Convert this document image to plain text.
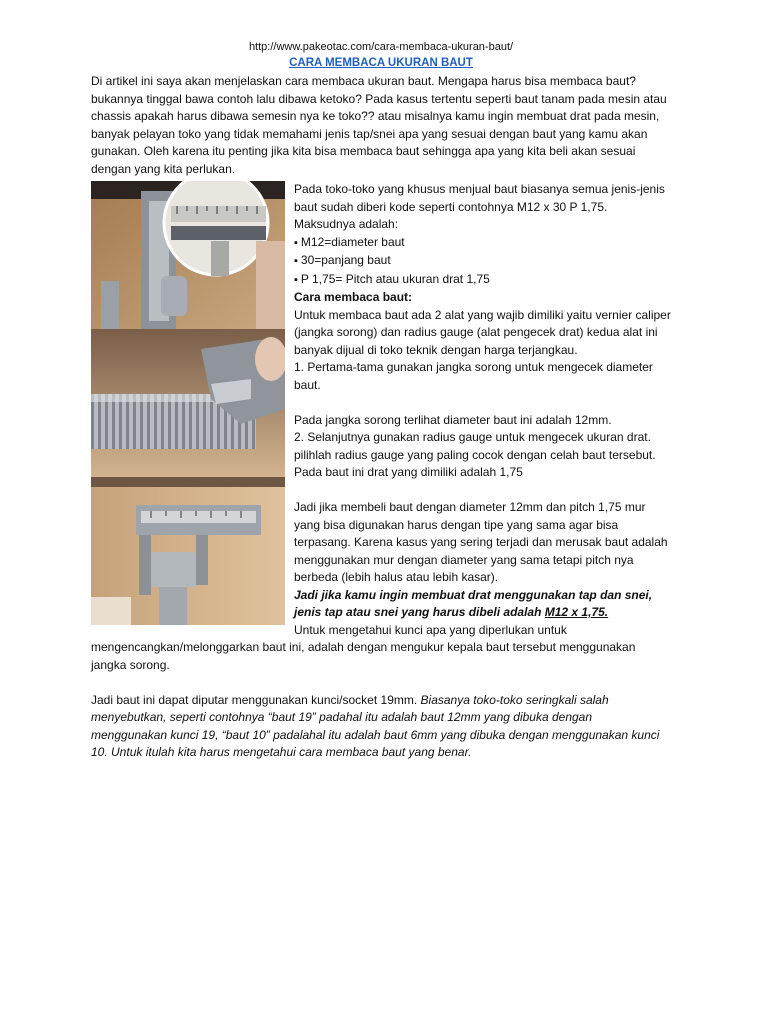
http://www.pakeotac.com/cara-membaca-ukuran-baut/
CARA MEMBACA UKURAN BAUT
Di artikel ini saya akan menjelaskan cara membaca ukuran baut. Mengapa harus bisa membaca baut? bukannya tinggal bawa contoh lalu dibawa ketoko? Pada kasus tertentu seperti baut tanam pada mesin atau chassis apakah harus dibawa semesin nya ke toko?? atau misalnya kamu ingin membuat drat pada mesin, banyak pelayan toko yang tidak memahami jenis tap/snei apa yang sesuai dengan baut yang kamu akan gunakan. Oleh karena itu penting jika kita bisa membaca baut sehingga apa yang kita beli akan sesuai dengan yang kita perlukan.

Pada toko-toko yang khusus menjual baut biasanya semua jenis-jenis baut sudah diberi kode seperti contohnya M12 x 30 P 1,75.

Maksudnya adalah:

▪ M12=diameter baut

▪ 30=panjang baut

▪ P 1,75= Pitch atau ukuran drat 1,75

Cara membaca baut:

Untuk membaca baut ada 2 alat yang wajib dimiliki yaitu vernier caliper (jangka sorong) dan radius gauge (alat pengecek drat) kedua alat ini banyak dijual di toko teknik dengan harga terjangkau.

1. Pertama-tama gunakan jangka sorong untuk mengecek diameter baut.

Pada jangka sorong terlihat diameter baut ini adalah 12mm.

2. Selanjutnya gunakan radius gauge untuk mengecek ukuran drat. pilihlah radius gauge yang paling cocok dengan celah baut tersebut. Pada baut ini drat yang dimiliki adalah 1,75

Jadi jika membeli baut dengan diameter 12mm dan pitch 1,75 mur yang bisa digunakan harus dengan tipe yang sama agar bisa terpasang. Karena kasus yang sering terjadi dan merusak baut adalah menggunakan mur dengan diameter yang sama tetapi pitch nya berbeda (lebih halus atau lebih kasar).

Jadi jika kamu ingin membuat drat menggunakan tap dan snei, jenis tap atau snei yang harus dibeli adalah M12 x 1,75.

Untuk mengetahui kunci apa yang diperlukan untuk

mengencangkan/melonggarkan baut ini, adalah dengan mengukur kepala baut tersebut menggunakan jangka sorong.

Jadi baut ini dapat diputar menggunakan kunci/socket 19mm. Biasanya toko-toko seringkali salah menyebutkan, seperti contohnya “baut 19” padahal itu adalah baut 12mm yang dibuka dengan menggunakan kunci 19, “baut 10” padalahal itu adalah baut 6mm yang dibuka dengan menggunakan kunci 10. Untuk itulah kita harus mengetahui cara membaca baut yang benar.
